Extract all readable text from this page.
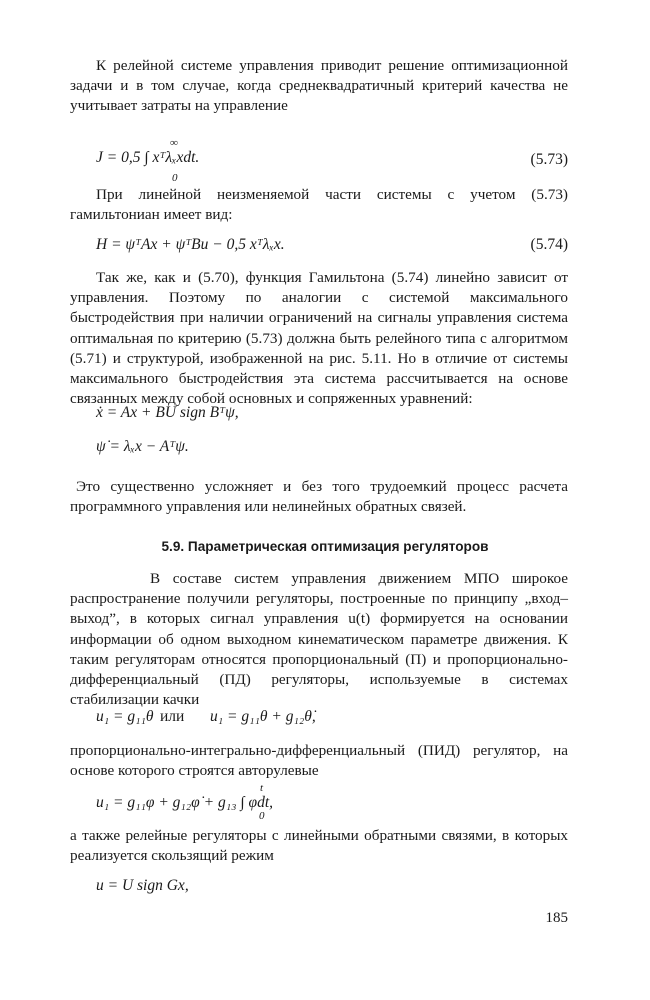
К релейной системе управления приводит решение оптимизационной задачи и в том случае, когда среднеквадратичный критерий качества не учитывает затраты на управление

J = 0,5 ∫ xᵀλₓxdt.
∞
0
(5.73)

При линейной неизменяемой части системы с учетом (5.73) гамильтониан имеет вид:

H = ψᵀAx + ψᵀBu − 0,5 xᵀλₓx.	(5.74)

Так же, как и (5.70), функция Гамильтона (5.74) линейно зависит от управления. Поэтому по аналогии с системой максимального быстродействия при наличии ограничений на сигналы управления система оптимальная по критерию (5.73) должна быть релейного типа с алгоритмом (5.71) и структурой, изображенной на рис. 5.11. Но в отличие от системы максимального быстродействия эта система рассчитывается на основе связанных между собой основных и сопряженных уравнений:

ẋ = Ax + BU sign Bᵀψ,
ψ̇ = λₓx − Aᵀψ.

Это существенно усложняет и без того трудоемкий процесс расчета программного управления или нелинейных обратных связей.

5.9. Параметрическая оптимизация регуляторов

В составе систем управления движением МПО широкое распространение получили регуляторы, построенные по принципу „вход–выход”, в которых сигнал управления u(t) формируется на основании информации об одном выходном кинематическом параметре движения. К таким регуляторам относятся пропорциональный (П) и пропорционально-дифференциальный (ПД) регуляторы, используемые в системах стабилизации качки

u₁ = g₁₁θ или u₁ = g₁₁θ + g₁₂θ̇,

пропорционально-интегрально-дифференциальный (ПИД) регулятор, на основе которого строятся авторулевые

u₁ = g₁₁φ + g₁₂φ̇ + g₁₃ ∫ φdt,
t
0

а также релейные регуляторы с линейными обратными связями, в которых реализуется скользящий режим

u = U sign Gx,
185
